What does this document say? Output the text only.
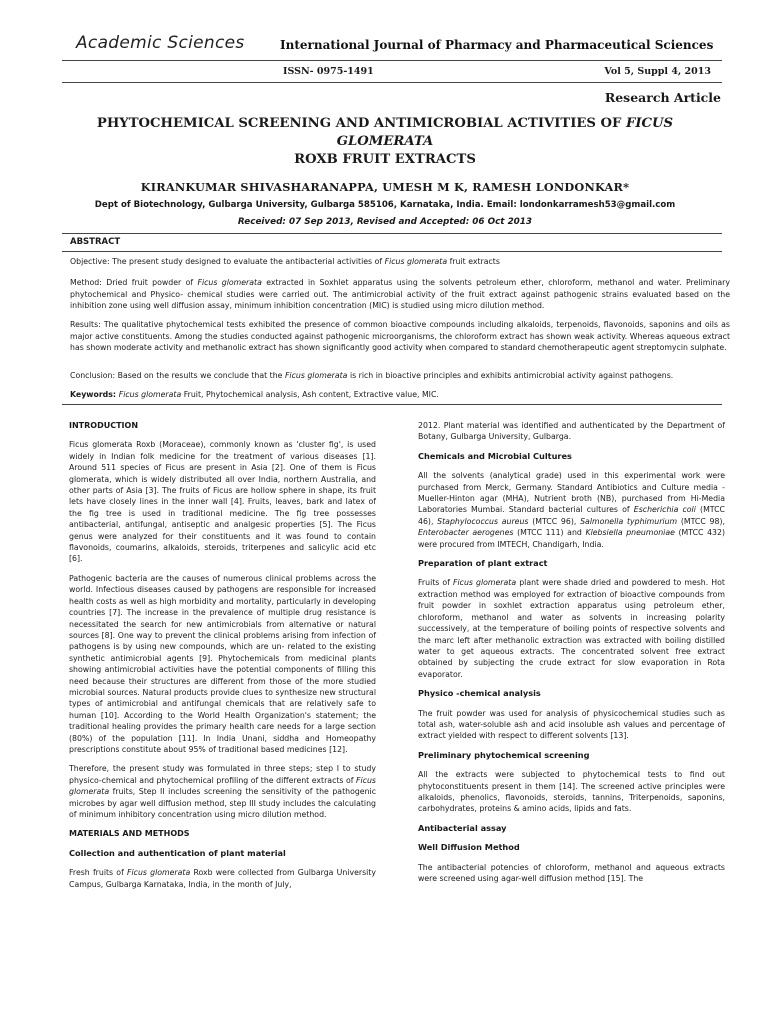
Academic Sciences	International Journal of Pharmacy and Pharmaceutical Sciences
ISSN- 0975-1491	Vol 5, Suppl 4, 2013
Research Article
PHYTOCHEMICAL SCREENING AND ANTIMICROBIAL ACTIVITIES OF FICUS GLOMERATA
ROXB FRUIT EXTRACTS
KIRANKUMAR SHIVASHARANAPPA, UMESH M K, RAMESH LONDONKAR*
Dept of Biotechnology, Gulbarga University, Gulbarga 585106, Karnataka, India. Email: londonkarramesh53@gmail.com
Received: 07 Sep 2013, Revised and Accepted: 06 Oct 2013
ABSTRACT
Objective: The present study designed to evaluate the antibacterial activities of Ficus glomerata fruit extracts
Method: Dried fruit powder of Ficus glomerata extracted in Soxhlet apparatus using the solvents petroleum ether, chloroform, methanol and water. Preliminary phytochemical and Physico- chemical studies were carried out. The antimicrobial activity of the fruit extract against pathogenic strains evaluated based on the inhibition zone using well diffusion assay, minimum inhibition concentration (MIC) is studied using micro dilution method.
Results: The qualitative phytochemical tests exhibited the presence of common bioactive compounds including alkaloids, terpenoids, flavonoids, saponins and oils as major active constituents. Among the studies conducted against pathogenic microorganisms, the chloroform extract has shown weak activity. Whereas aqueous extract has shown moderate activity and methanolic extract has shown significantly good activity when compared to standard chemotherapeutic agent streptomycin sulphate.
Conclusion: Based on the results we conclude that the Ficus glomerata is rich in bioactive principles and exhibits antimicrobial activity against pathogens.
Keywords: Ficus glomerata Fruit, Phytochemical analysis, Ash content, Extractive value, MIC.
INTRODUCTION

Ficus glomerata Roxb (Moraceae), commonly known as 'cluster fig', is used widely in Indian folk medicine for the treatment of various diseases [1]. Around 511 species of Ficus are present in Asia [2]. One of them is Ficus glomerata, which is widely distributed all over India, northern Australia, and other parts of Asia [3]. The fruits of Ficus are hollow sphere in shape, its fruit lets have closely lines in the inner wall [4]. Fruits, leaves, bark and latex of the fig tree is used in traditional medicine. The fig tree possesses antibacterial, antifungal, antiseptic and analgesic properties [5]. The Ficus genus were analyzed for their constituents and it was found to contain flavonoids, coumarins, alkaloids, steroids, triterpenes and salicylic acid etc [6].

Pathogenic bacteria are the causes of numerous clinical problems across the world. Infectious diseases caused by pathogens are responsible for increased health costs as well as high morbidity and mortality, particularly in developing countries [7]. The increase in the prevalence of multiple drug resistance is necessitated the search for new antimicrobials from alternative or natural sources [8]. One way to prevent the clinical problems arising from infection of pathogens is by using new compounds, which are un- related to the existing synthetic antimicrobial agents [9]. Phytochemicals from medicinal plants showing antimicrobial activities have the potential components of filling this need because their structures are different from those of the more studied microbial sources. Natural products provide clues to synthesize new structural types of antimicrobial and antifungal chemicals that are relatively safe to human [10]. According to the World Health Organization's statement; the traditional healing provides the primary health care needs for a large section (80%) of the population [11]. In India Unani, siddha and Homeopathy prescriptions constitute about 95% of traditional based medicines [12].

Therefore, the present study was formulated in three steps; step I to study physico-chemical and phytochemical profiling of the different extracts of Ficus glomerata fruits, Step II includes screening the sensitivity of the pathogenic microbes by agar well diffusion method, step III study includes the calculating of minimum inhibitory concentration using micro dilution method.

MATERIALS AND METHODS
Collection and authentication of plant material

Fresh fruits of Ficus glomerata Roxb were collected from Gulbarga University Campus, Gulbarga Karnataka, India, in the month of July,

2012. Plant material was identified and authenticated by the Department of Botany, Gulbarga University, Gulbarga.

Chemicals and Microbial Cultures

All the solvents (analytical grade) used in this experimental work were purchased from Merck, Germany. Standard Antibiotics and Culture media - Mueller-Hinton agar (MHA), Nutrient broth (NB), purchased from Hi-Media Laboratories Mumbai. Standard bacterial cultures of Escherichia coli (MTCC 46), Staphylococcus aureus (MTCC 96), Salmonella typhimurium (MTCC 98), Enterobacter aerogenes (MTCC 111) and Klebsiella pneumoniae (MTCC 432) were procured from IMTECH, Chandigarh, India.

Preparation of plant extract

Fruits of Ficus glomerata plant were shade dried and powdered to mesh. Hot extraction method was employed for extraction of bioactive compounds from fruit powder in soxhlet extraction apparatus using petroleum ether, chloroform, methanol and water as solvents in increasing polarity successively, at the temperature of boiling points of respective solvents and the marc left after methanolic extraction was extracted with boiling distilled water to get aqueous extracts. The concentrated solvent free extract obtained by subjecting the crude extract for slow evaporation in Rota evaporator.

Physico -chemical analysis

The fruit powder was used for analysis of physicochemical studies such as total ash, water-soluble ash and acid insoluble ash values and percentage of extract yielded with respect to different solvents [13].

Preliminary phytochemical screening

All the extracts were subjected to phytochemical tests to find out phytoconstituents present in them [14]. The screened active principles were alkaloids, phenolics, flavonoids, steroids, tannins, Triterpenoids, saponins, carbohydrates, proteins & amino acids, lipids and fats.

Antibacterial assay
Well Diffusion Method

The antibacterial potencies of chloroform, methanol and aqueous extracts were screened using agar-well diffusion method [15]. The
